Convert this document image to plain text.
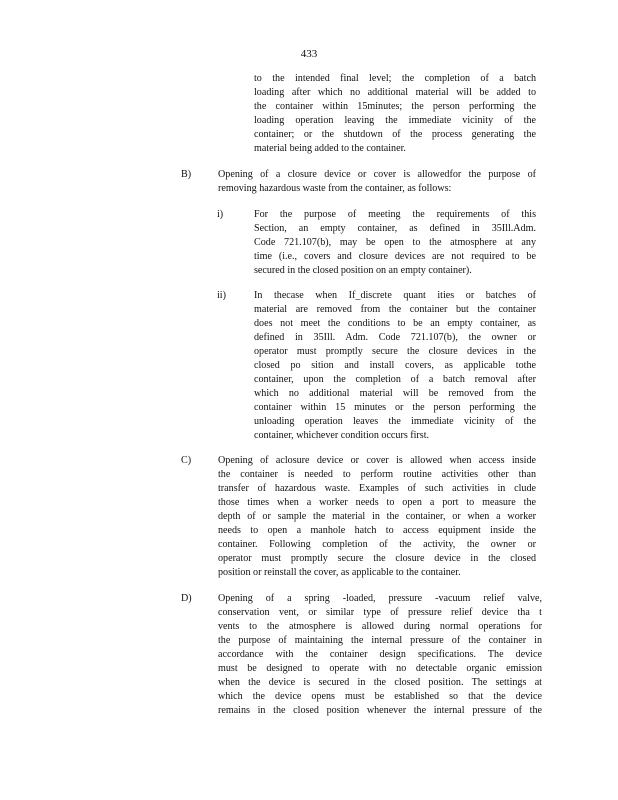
433
to the intended final level; the completion of a batch
loading after which no additional material will be added to
the container within 15minutes; the person performing the
loading operation leaving the immediate vicinity of the
container; or the shutdown of the process generating the
material being added to the container.
B)	Opening of a closure device or cover is allowedfor the purpose of
removing hazardous waste from the container, as follows:
i)	For the purpose of meeting the requirements of this
Section, an empty container, as defined in 35Ill.Adm.
Code 721.107(b), may be open to the atmosphere at any
time (i.e., covers and closure devices are not required to be
secured in the closed position on an empty container).
ii)	In thecase when If_discrete quant ities or batches of
material are removed from the container but the container
does not meet the conditions to be an empty container, as
defined in 35Ill. Adm. Code 721.107(b), the owner or
operator must promptly secure the closure devices in the
closed po sition and install covers, as applicable tothe
container, upon the completion of a batch removal after
which no additional material will be removed from the
container within 15 minutes or the person performing the
unloading operation leaves the immediate vicinity of the
container, whichever condition occurs first.
C)	Opening of aclosure device or cover is allowed when access inside
the container is needed to perform routine activities other than
transfer of hazardous waste. Examples of such activities in clude
those times when a worker needs to open a port to measure the
depth of or sample the material in the container, or when a worker
needs to open a manhole hatch to access equipment inside the
container. Following completion of the activity, the owner or
operator must promptly secure the closure device in the closed
position or reinstall the cover, as applicable to the container.
D)	Opening of a spring -loaded, pressure -vacuum relief valve,
conservation vent, or similar type of pressure relief device tha t
vents to the atmosphere is allowed during normal operations for
the purpose of maintaining the internal pressure of the container in
accordance with the container design specifications. The device
must be designed to operate with no detectable organic emission
when the device is secured in the closed position. The settings at
which the device opens must be established so that the device
remains in the closed position whenever the internal pressure of the
